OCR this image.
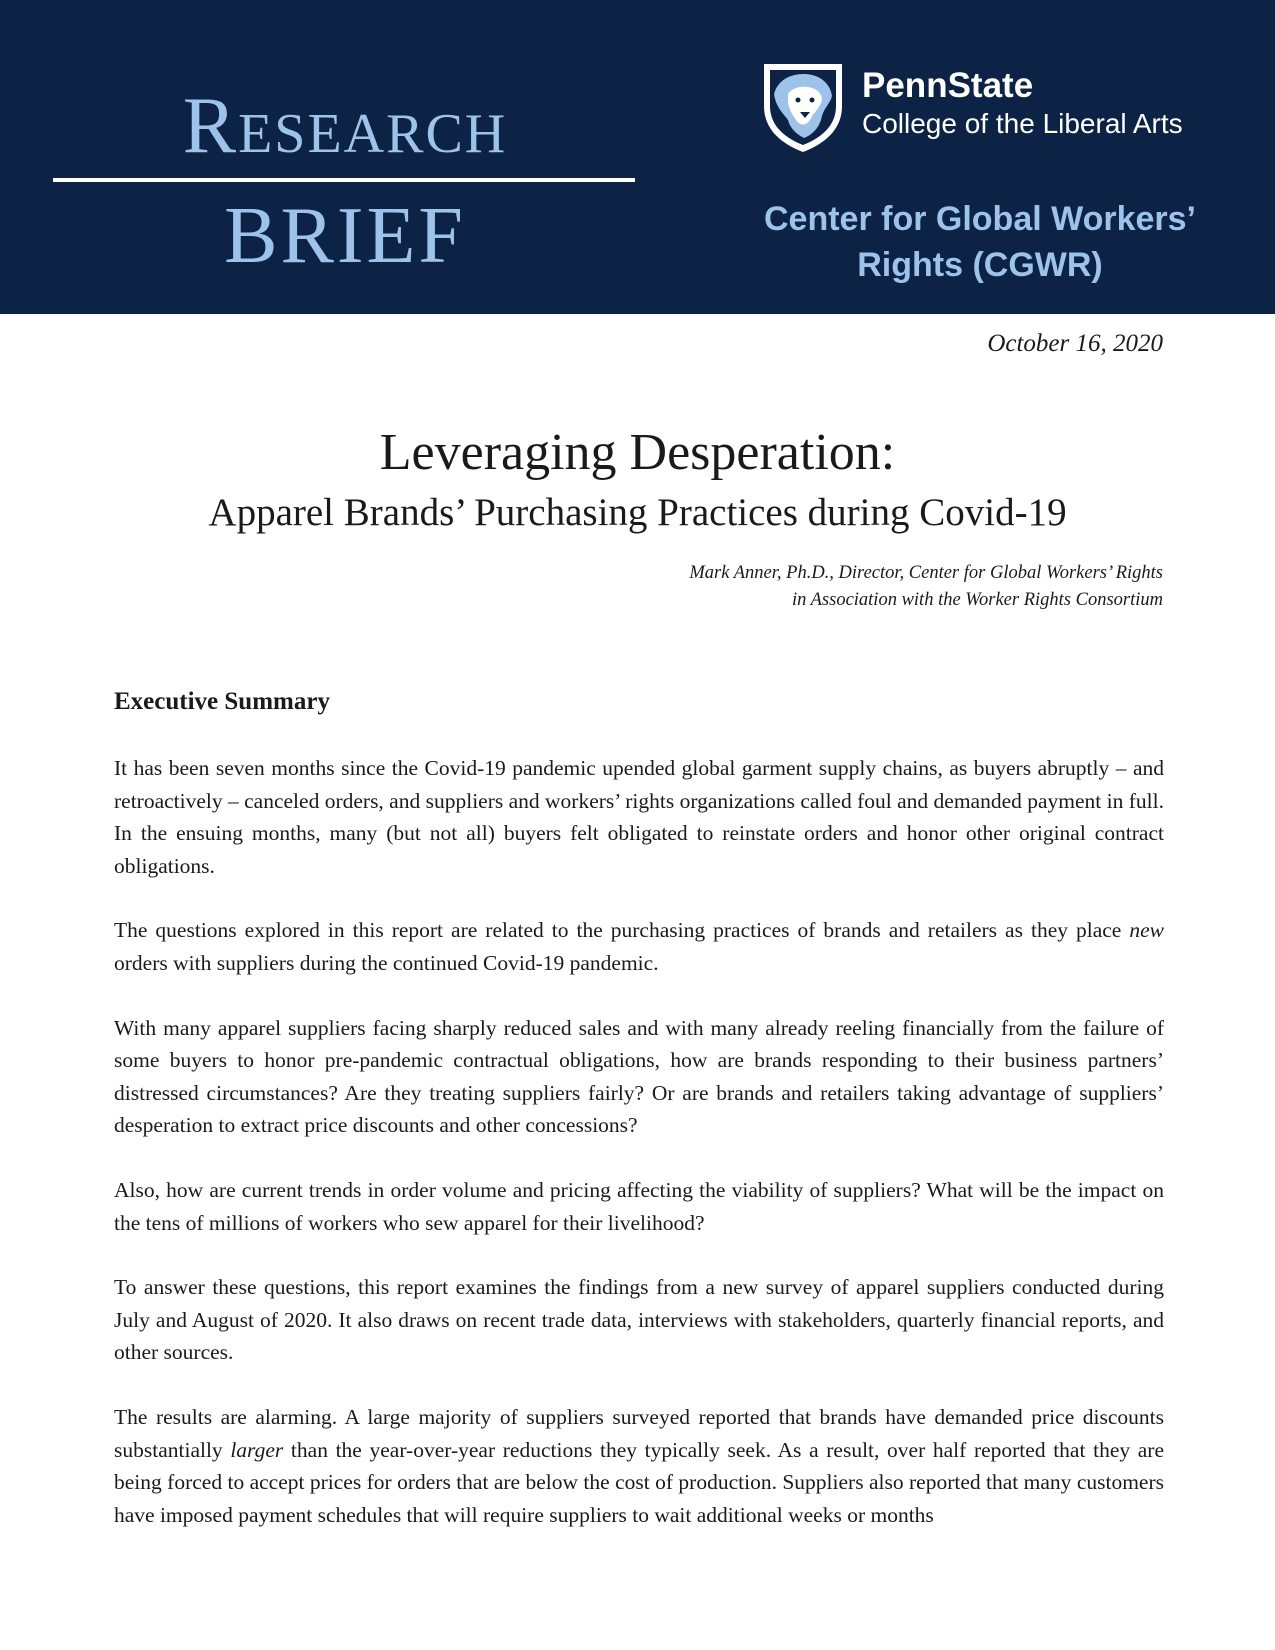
Research
BRIEF
PennState
College of the Liberal Arts
Center for Global Workers’
Rights (CGWR)
October 16, 2020
Leveraging Desperation:
Apparel Brands’ Purchasing Practices during Covid-19
Mark Anner, Ph.D., Director, Center for Global Workers’ Rights
in Association with the Worker Rights Consortium
Executive Summary

It has been seven months since the Covid-19 pandemic upended global garment supply chains, as buyers abruptly – and retroactively – canceled orders, and suppliers and workers’ rights organizations called foul and demanded payment in full. In the ensuing months, many (but not all) buyers felt obligated to reinstate orders and honor other original contract obligations.

The questions explored in this report are related to the purchasing practices of brands and retailers as they place new orders with suppliers during the continued Covid-19 pandemic.

With many apparel suppliers facing sharply reduced sales and with many already reeling financially from the failure of some buyers to honor pre-pandemic contractual obligations, how are brands responding to their business partners’ distressed circumstances? Are they treating suppliers fairly? Or are brands and retailers taking advantage of suppliers’ desperation to extract price discounts and other concessions?

Also, how are current trends in order volume and pricing affecting the viability of suppliers? What will be the impact on the tens of millions of workers who sew apparel for their livelihood?

To answer these questions, this report examines the findings from a new survey of apparel suppliers conducted during July and August of 2020. It also draws on recent trade data, interviews with stakeholders, quarterly financial reports, and other sources.

The results are alarming. A large majority of suppliers surveyed reported that brands have demanded price discounts substantially larger than the year-over-year reductions they typically seek. As a result, over half reported that they are being forced to accept prices for orders that are below the cost of production. Suppliers also reported that many customers have imposed payment schedules that will require suppliers to wait additional weeks or months
